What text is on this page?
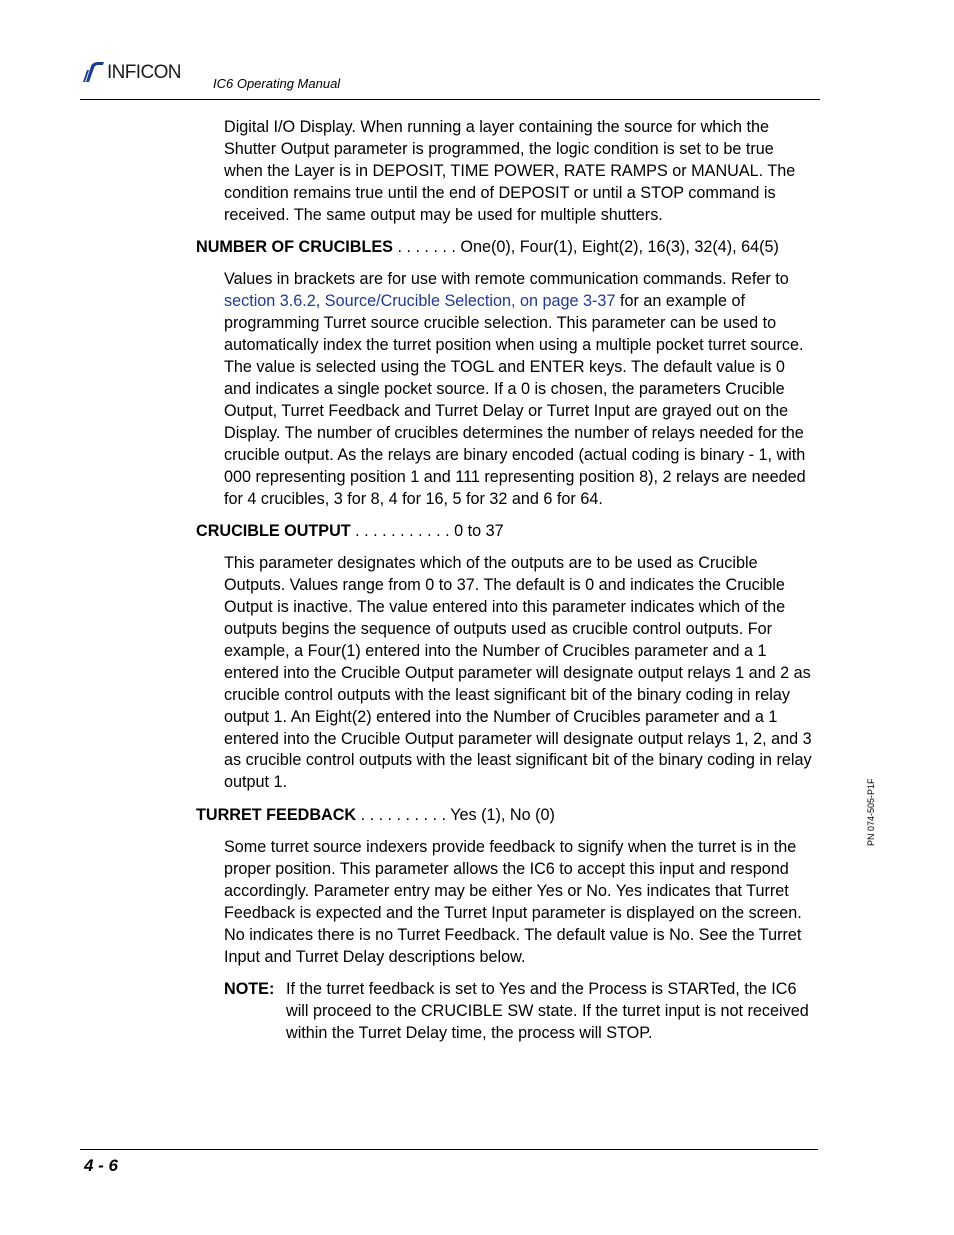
INFICON
IC6 Operating Manual

Digital I/O Display. When running a layer containing the source for which the Shutter Output parameter is programmed, the logic condition is set to be true when the Layer is in DEPOSIT, TIME POWER, RATE RAMPS or MANUAL. The condition remains true until the end of DEPOSIT or until a STOP command is received. The same output may be used for multiple shutters.

NUMBER OF CRUCIBLES . . . . . . . One(0), Four(1), Eight(2), 16(3), 32(4), 64(5)

Values in brackets are for use with remote communication commands. Refer to section 3.6.2, Source/Crucible Selection, on page 3-37 for an example of programming Turret source crucible selection. This parameter can be used to automatically index the turret position when using a multiple pocket turret source. The value is selected using the TOGL and ENTER keys. The default value is 0 and indicates a single pocket source. If a 0 is chosen, the parameters Crucible Output, Turret Feedback and Turret Delay or Turret Input are grayed out on the Display. The number of crucibles determines the number of relays needed for the crucible output. As the relays are binary encoded (actual coding is binary - 1, with 000 representing position 1 and 111 representing position 8), 2 relays are needed for 4 crucibles, 3 for 8, 4 for 16, 5 for 32 and 6 for 64.

CRUCIBLE OUTPUT . . . . . . . . . . . 0 to 37

This parameter designates which of the outputs are to be used as Crucible Outputs. Values range from 0 to 37. The default is 0 and indicates the Crucible Output is inactive. The value entered into this parameter indicates which of the outputs begins the sequence of outputs used as crucible control outputs. For example, a Four(1) entered into the Number of Crucibles parameter and a 1 entered into the Crucible Output parameter will designate output relays 1 and 2 as crucible control outputs with the least significant bit of the binary coding in relay output 1. An Eight(2) entered into the Number of Crucibles parameter and a 1 entered into the Crucible Output parameter will designate output relays 1, 2, and 3 as crucible control outputs with the least significant bit of the binary coding in relay output 1.

TURRET FEEDBACK . . . . . . . . . . Yes (1), No (0)

Some turret source indexers provide feedback to signify when the turret is in the proper position. This parameter allows the IC6 to accept this input and respond accordingly. Parameter entry may be either Yes or No. Yes indicates that Turret Feedback is expected and the Turret Input parameter is displayed on the screen. No indicates there is no Turret Feedback. The default value is No. See the Turret Input and Turret Delay descriptions below.

NOTE: If the turret feedback is set to Yes and the Process is STARTed, the IC6 will proceed to the CRUCIBLE SW state. If the turret input is not received within the Turret Delay time, the process will STOP.
PN 074-505-P1F
4 - 6
